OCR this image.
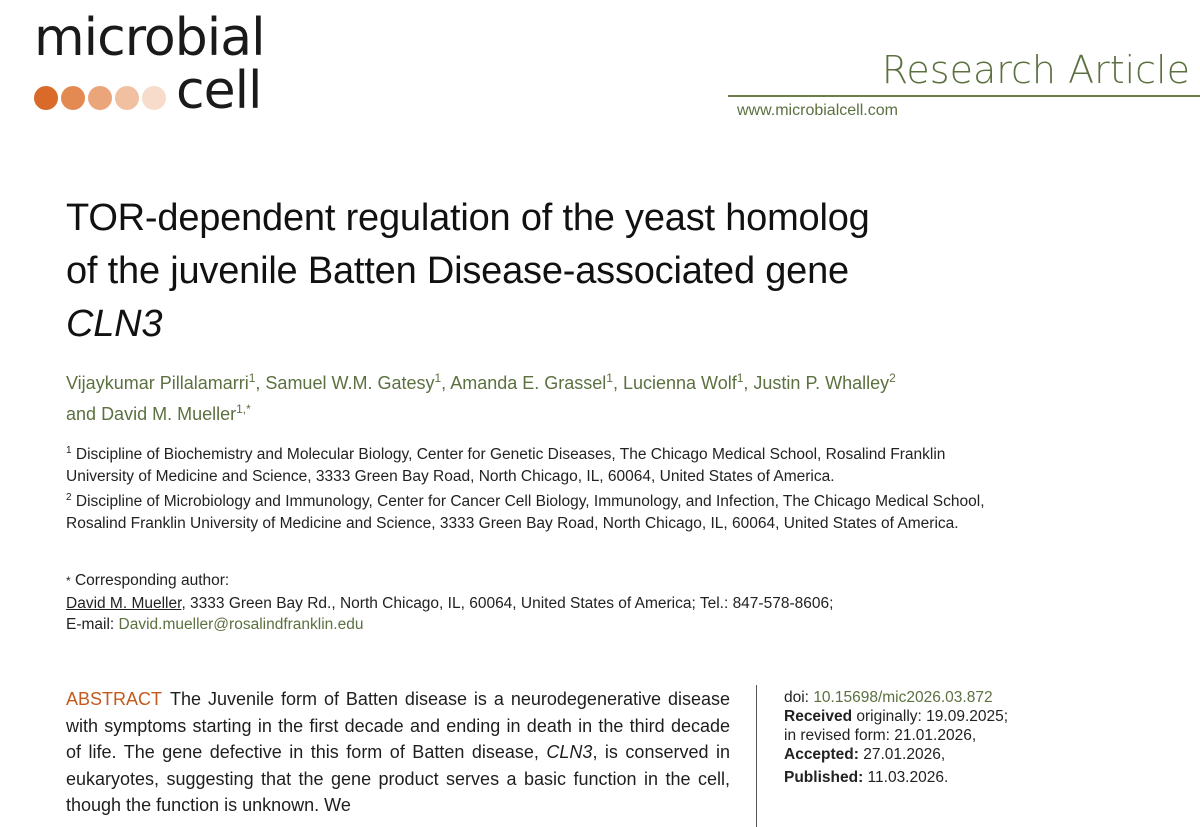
microbial
cell	Research Article
www.microbialcell.com
TOR-dependent regulation of the yeast homolog
of the juvenile Batten Disease-associated gene
CLN3
Vijaykumar Pillalamarri$^1$, Samuel W.M. Gatesy$^1$, Amanda E. Grassel$^1$, Lucienna Wolf$^1$, Justin P. Whalley$^2$
and David M. Mueller$^{1,*}$

$^1$ Discipline of Biochemistry and Molecular Biology, Center for Genetic Diseases, The Chicago Medical School, Rosalind Franklin University of Medicine and Science, 3333 Green Bay Road, North Chicago, IL, 60064, United States of America.

$^2$ Discipline of Microbiology and Immunology, Center for Cancer Cell Biology, Immunology, and Infection, The Chicago Medical School, Rosalind Franklin University of Medicine and Science, 3333 Green Bay Road, North Chicago, IL, 60064, United States of America.

* Corresponding author:

David M. Mueller, 3333 Green Bay Rd., North Chicago, IL, 60064, United States of America; Tel.: 847-578-8606;

E-mail: David.mueller@rosalindfranklin.edu

ABSTRACT The Juvenile form of Batten disease is a neurodegenerative disease with symptoms starting in the first decade and ending in death in the third decade of life. The gene defective in this form of Batten disease, CLN3, is conserved in eukaryotes, suggesting that the gene product serves a basic function in the cell, though the function is unknown. We

doi: 10.15698/mic2026.03.872

Received originally: 19.09.2025;

in revised form: 21.01.2026,

Accepted: 27.01.2026,

Published: 11.03.2026.
